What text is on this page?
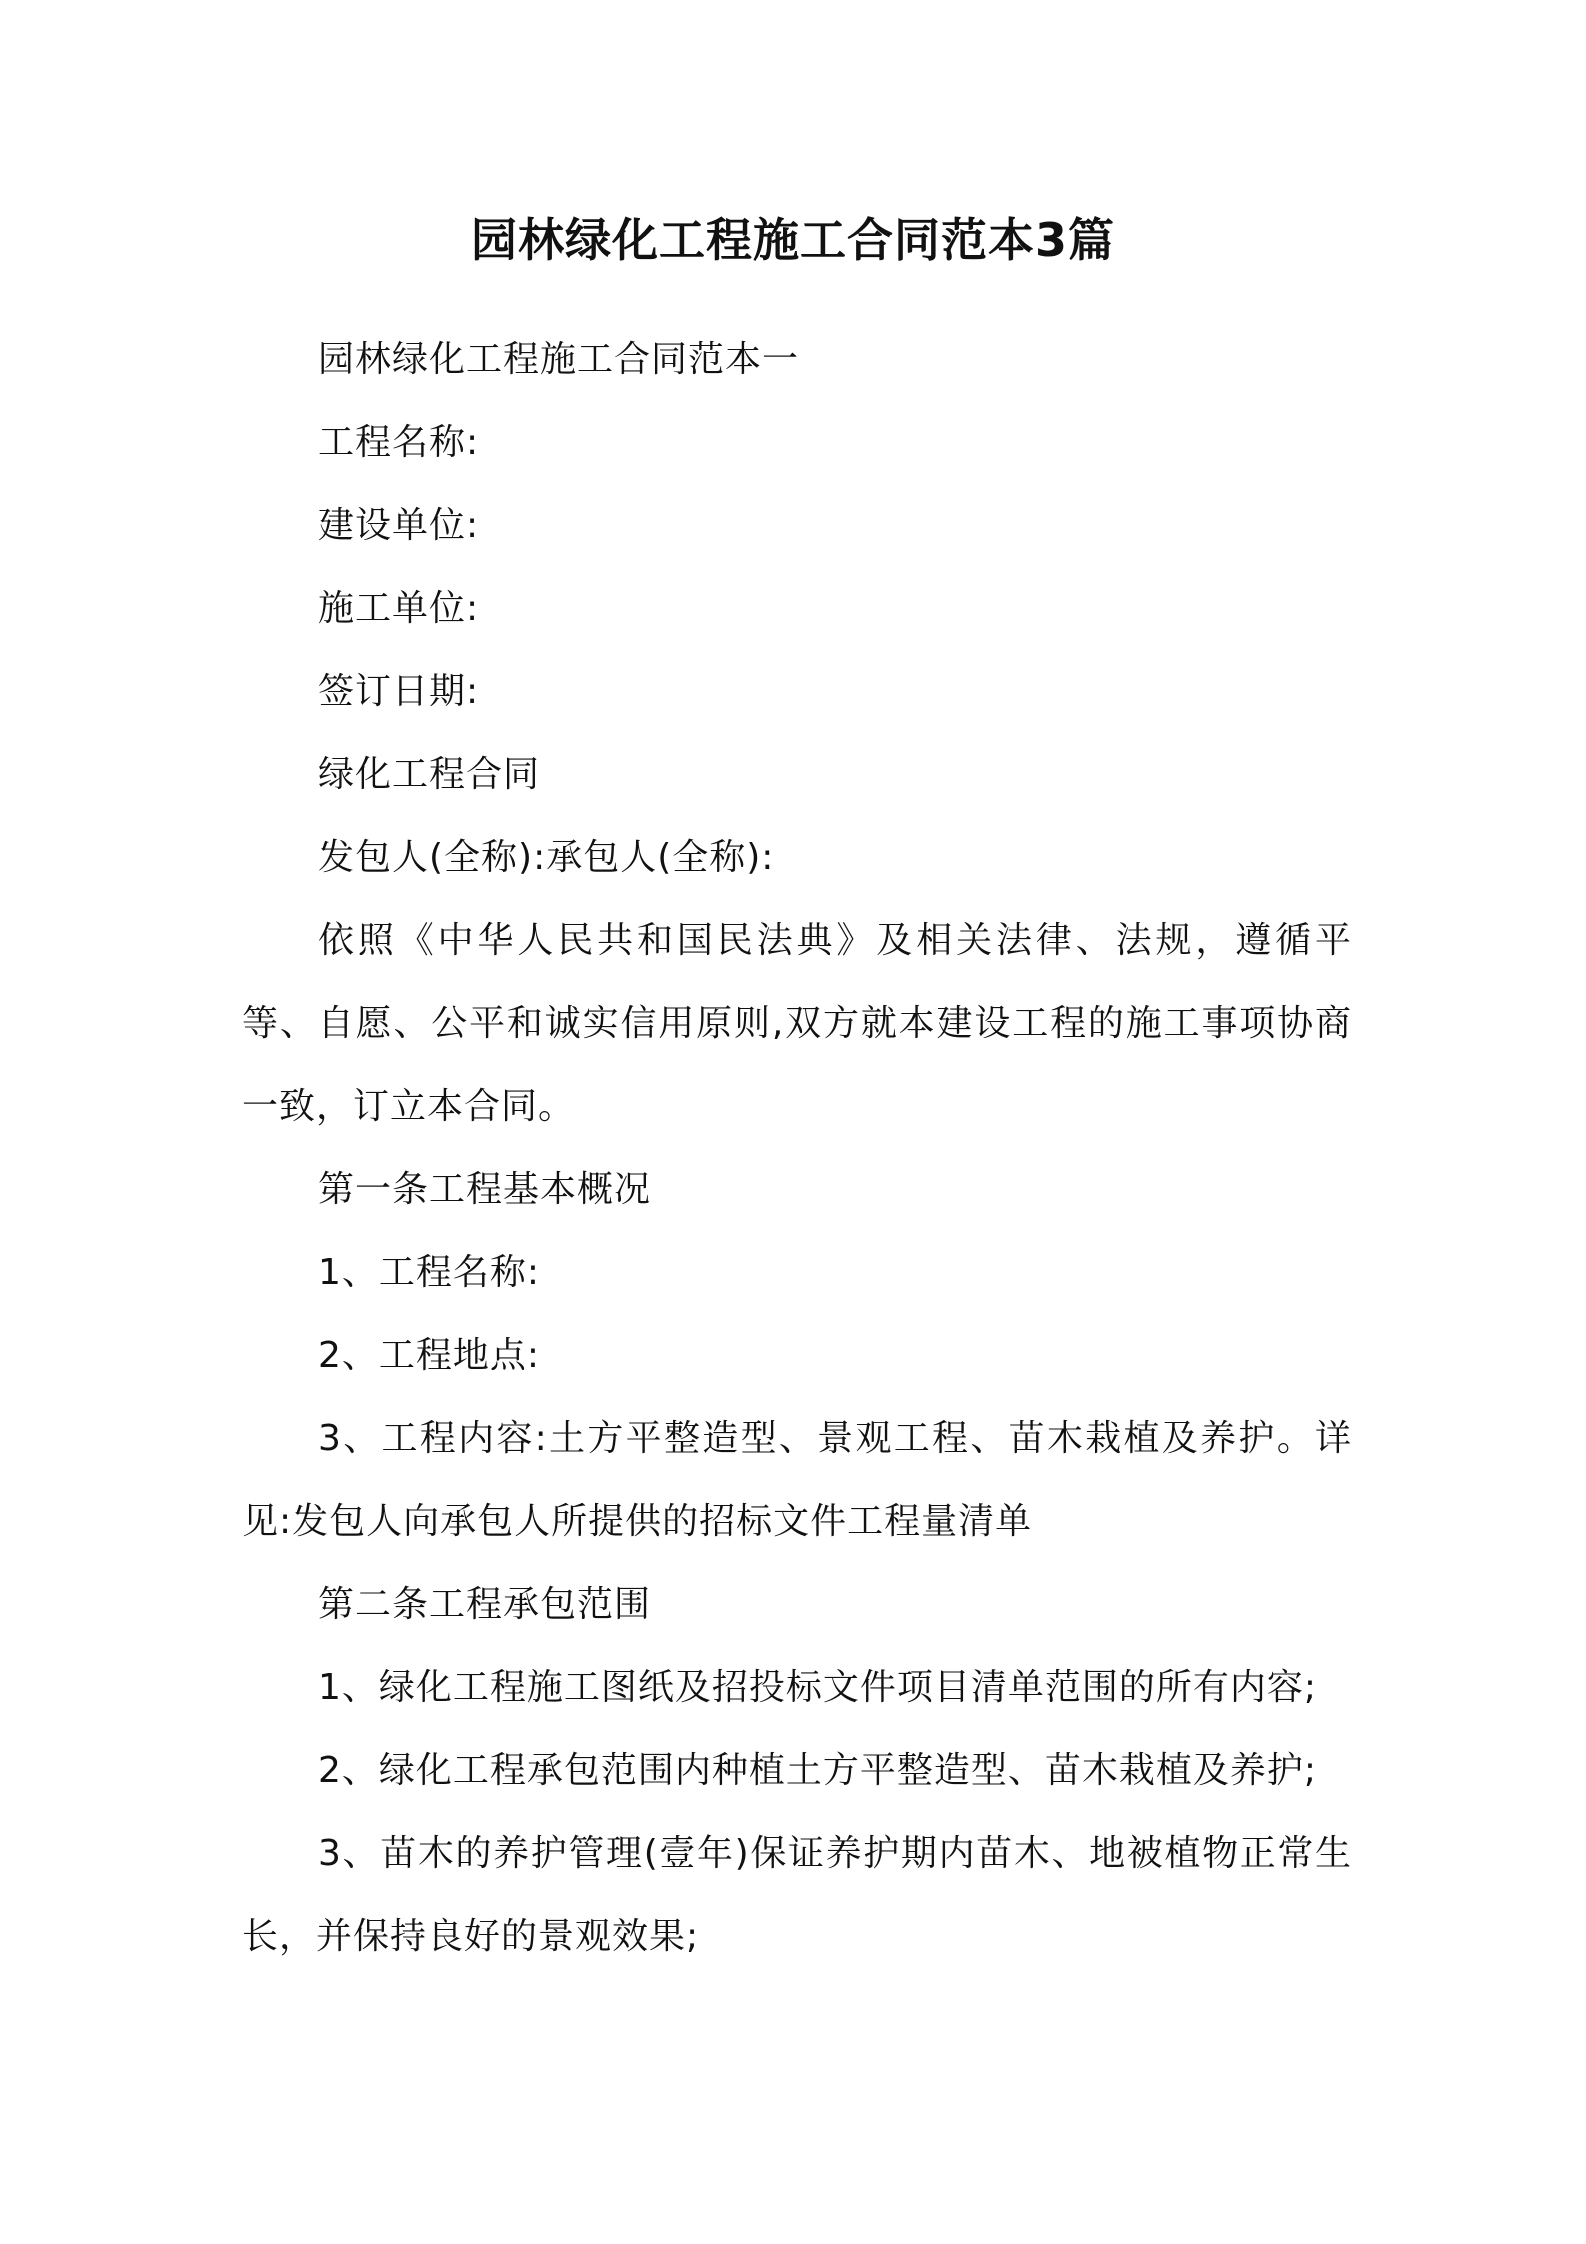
园林绿化工程施工合同范本3篇

园林绿化工程施工合同范本一

工程名称:

建设单位:

施工单位:

签订日期:

绿化工程合同

发包人(全称):承包人(全称):

依照《中华人民共和国民法典》及相关法律、法规，遵循平等、自愿、公平和诚实信用原则,双方就本建设工程的施工事项协商一致，订立本合同。

第一条工程基本概况

1、工程名称:

2、工程地点:

3、工程内容:土方平整造型、景观工程、苗木栽植及养护。详见:发包人向承包人所提供的招标文件工程量清单

第二条工程承包范围

1、绿化工程施工图纸及招投标文件项目清单范围的所有内容;

2、绿化工程承包范围内种植土方平整造型、苗木栽植及养护;

3、苗木的养护管理(壹年)保证养护期内苗木、地被植物正常生长，并保持良好的景观效果;
